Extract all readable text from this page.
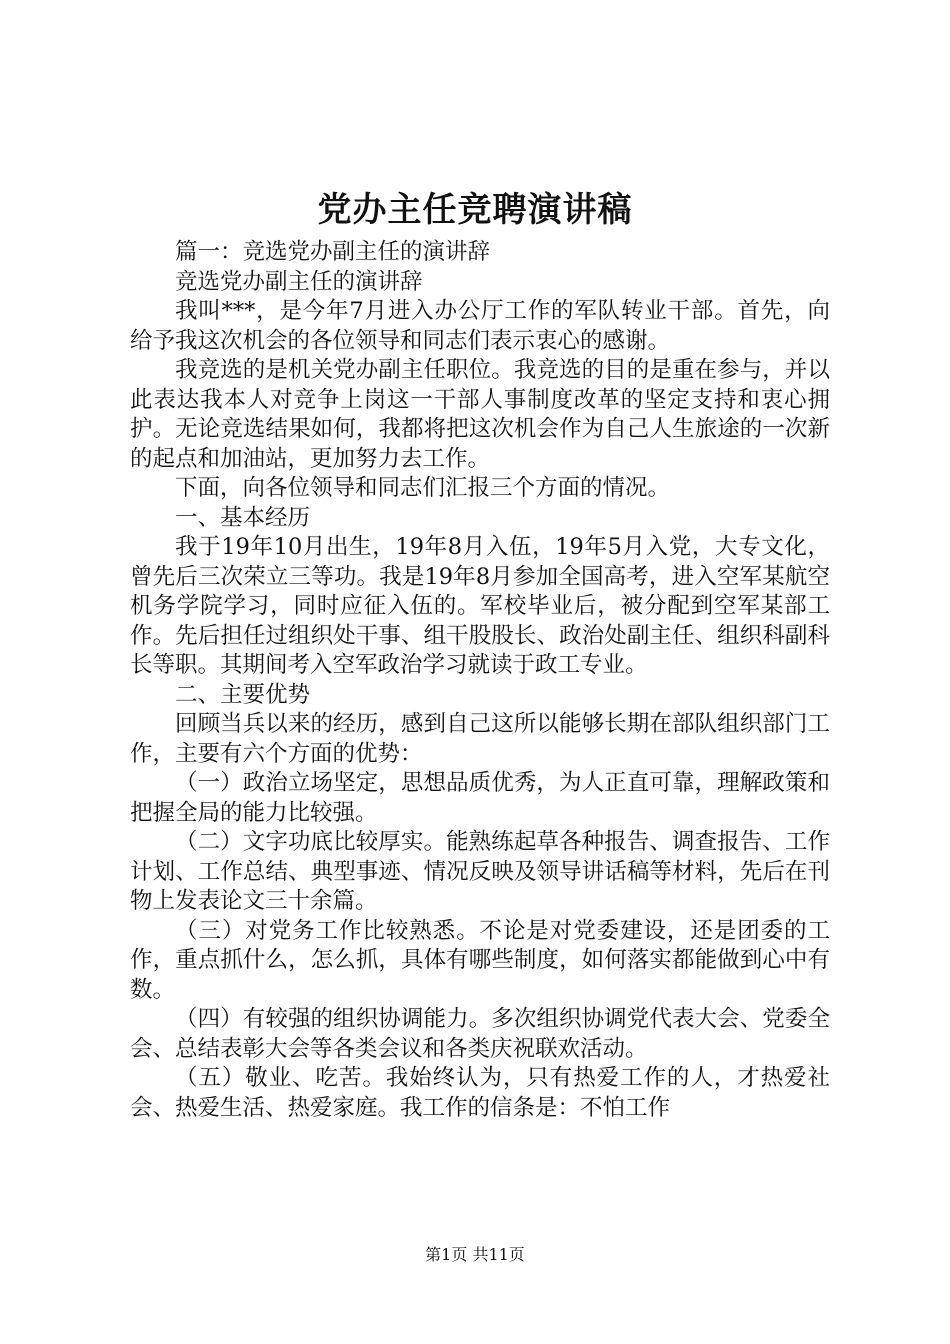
党办主任竞聘演讲稿

篇一：竞选党办副主任的演讲辞

竞选党办副主任的演讲辞

我叫***，是今年7月进入办公厅工作的军队转业干部。首先，向给予我这次机会的各位领导和同志们表示衷心的感谢。

我竞选的是机关党办副主任职位。我竞选的目的是重在参与，并以此表达我本人对竞争上岗这一干部人事制度改革的坚定支持和衷心拥护。无论竞选结果如何，我都将把这次机会作为自己人生旅途的一次新的起点和加油站，更加努力去工作。

下面，向各位领导和同志们汇报三个方面的情况。

一、基本经历

我于19年10月出生，19年8月入伍，19年5月入党，大专文化，曾先后三次荣立三等功。我是19年8月参加全国高考，进入空军某航空机务学院学习，同时应征入伍的。军校毕业后，被分配到空军某部工作。先后担任过组织处干事、组干股股长、政治处副主任、组织科副科长等职。其期间考入空军政治学习就读于政工专业。

二、主要优势

回顾当兵以来的经历，感到自己这所以能够长期在部队组织部门工作，主要有六个方面的优势：

（一）政治立场坚定，思想品质优秀，为人正直可靠，理解政策和把握全局的能力比较强。

（二）文字功底比较厚实。能熟练起草各种报告、调查报告、工作计划、工作总结、典型事迹、情况反映及领导讲话稿等材料，先后在刊物上发表论文三十余篇。

（三）对党务工作比较熟悉。不论是对党委建设，还是团委的工作，重点抓什么，怎么抓，具体有哪些制度，如何落实都能做到心中有数。

（四）有较强的组织协调能力。多次组织协调党代表大会、党委全会、总结表彰大会等各类会议和各类庆祝联欢活动。

（五）敬业、吃苦。我始终认为，只有热爱工作的人，才热爱社会、热爱生活、热爱家庭。我工作的信条是：不怕工作

第1页 共11页
